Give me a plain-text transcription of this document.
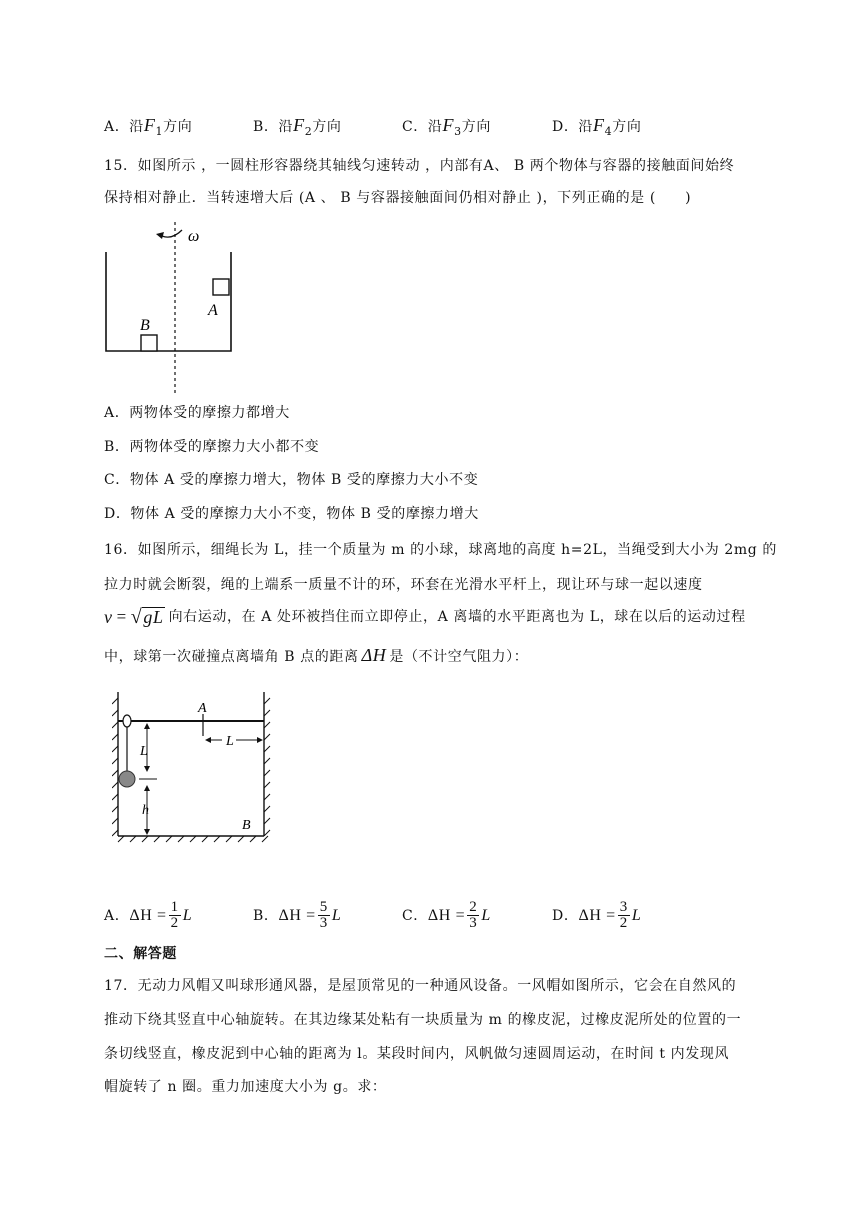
A．沿$F_1$方向	B．沿$F_2$方向	C．沿$F_3$方向	D．沿$F_4$方向
15．如图所示 ，一圆柱形容器绕其轴线匀速转动 ，内部有A、 B 两个物体与容器的接触面间始终
保持相对静止．当转速增大后 (A 、 B 与容器接触面间仍相对静止 )，下列正确的是 (　　)
ω
A
B
A．两物体受的摩擦力都增大
B．两物体受的摩擦力大小都不变
C．物体 A 受的摩擦力增大，物体 B 受的摩擦力大小不变
D．物体 A 受的摩擦力大小不变，物体 B 受的摩擦力增大
16．如图所示，细绳长为 L，挂一个质量为 m 的小球，球离地的高度 h=2L，当绳受到大小为 2mg 的
拉力时就会断裂，绳的上端系一质量不计的环，环套在光滑水平杆上，现让环与球一起以速度
v = √ gL 向右运动，在 A 处环被挡住而立即停止，A 离墙的水平距离也为 L，球在以后的运动过程
中，球第一次碰撞点离墙角 B 点的距离 ΔH 是（不计空气阻力）：
A
L
L
h
B
A． $\Delta H = \frac{1}{2}$ L	B． $\Delta H = \frac{5}{3}$ L	C． $\Delta H = \frac{2}{3}$ L	D． $\Delta H = \frac{3}{2}$ L
二、解答题
17．无动力风帽又叫球形通风器，是屋顶常见的一种通风设备。一风帽如图所示，它会在自然风的
推动下绕其竖直中心轴旋转。在其边缘某处粘有一块质量为 m 的橡皮泥，过橡皮泥所处的位置的一
条切线竖直，橡皮泥到中心轴的距离为 l。某段时间内，风帆做匀速圆周运动，在时间 t 内发现风
帽旋转了 n 圈。重力加速度大小为 g。求：
